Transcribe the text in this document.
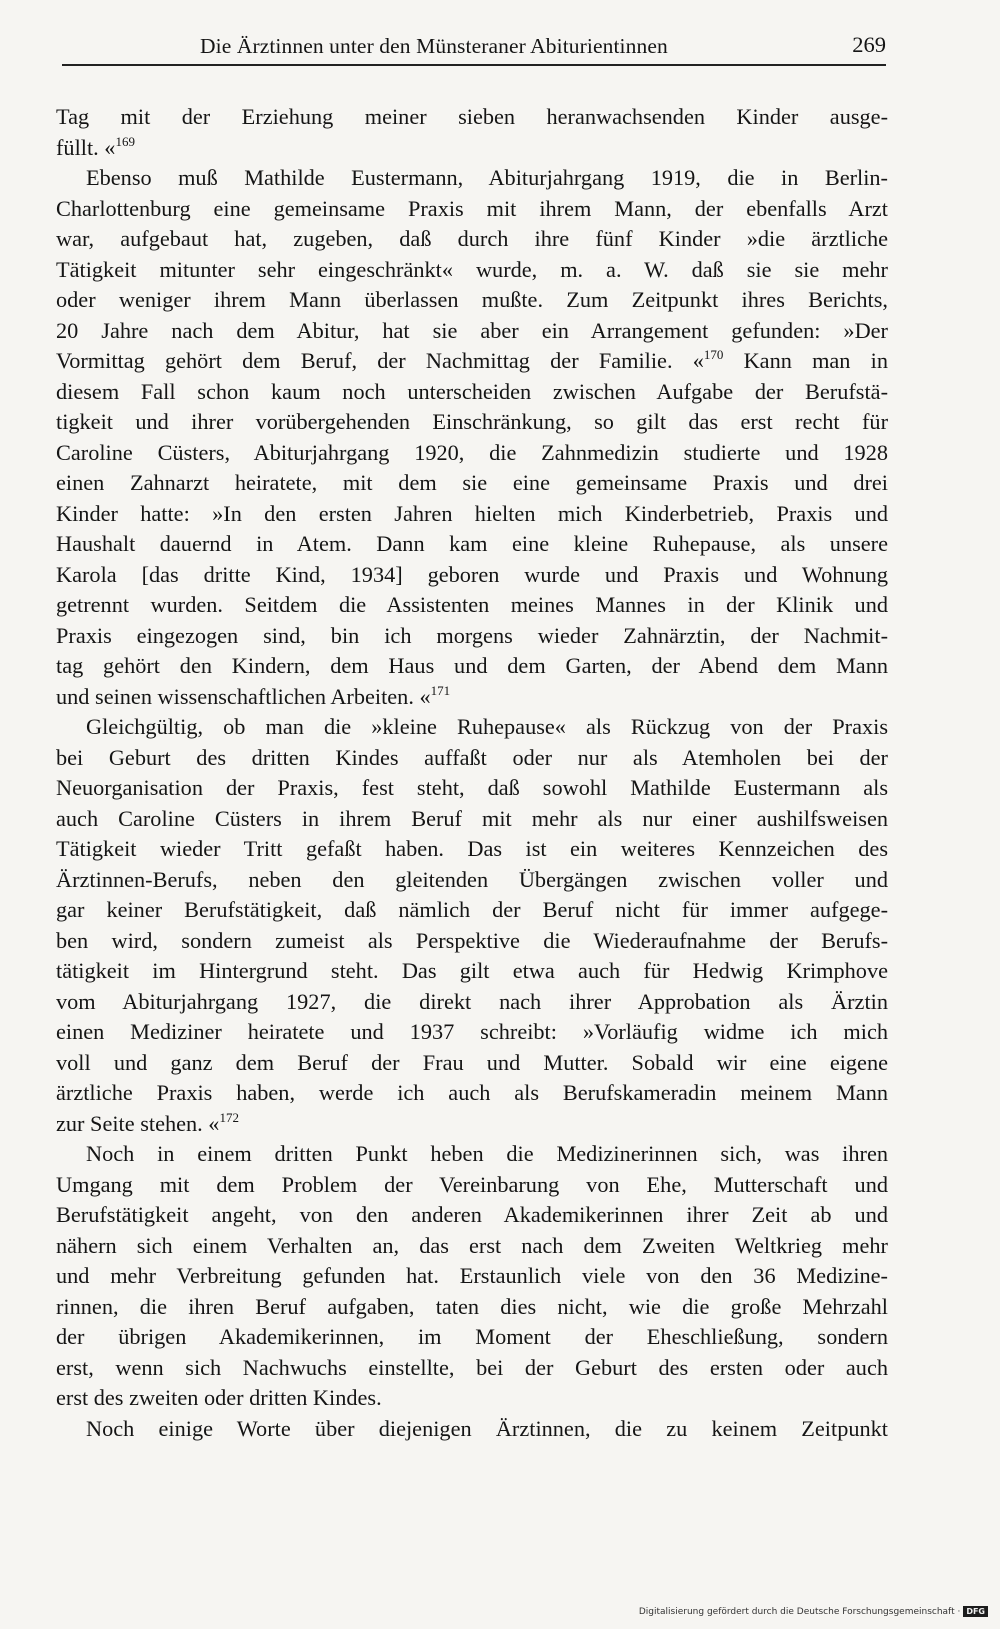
Die Ärztinnen unter den Münsteraner Abiturientinnen	269
Tag mit der Erziehung meiner sieben heranwachsenden Kinder ausge-
füllt. «$^{169}$
Ebenso muß Mathilde Eustermann, Abiturjahrgang 1919, die in Berlin-
Charlottenburg eine gemeinsame Praxis mit ihrem Mann, der ebenfalls Arzt
war, aufgebaut hat, zugeben, daß durch ihre fünf Kinder »die ärztliche
Tätigkeit mitunter sehr eingeschränkt« wurde, m. a. W. daß sie sie mehr
oder weniger ihrem Mann überlassen mußte. Zum Zeitpunkt ihres Berichts,
20 Jahre nach dem Abitur, hat sie aber ein Arrangement gefunden: »Der
Vormittag gehört dem Beruf, der Nachmittag der Familie. «$^{170}$ Kann man in
diesem Fall schon kaum noch unterscheiden zwischen Aufgabe der Berufstä-
tigkeit und ihrer vorübergehenden Einschränkung, so gilt das erst recht für
Caroline Cüsters, Abiturjahrgang 1920, die Zahnmedizin studierte und 1928
einen Zahnarzt heiratete, mit dem sie eine gemeinsame Praxis und drei
Kinder hatte: »In den ersten Jahren hielten mich Kinderbetrieb, Praxis und
Haushalt dauernd in Atem. Dann kam eine kleine Ruhepause, als unsere
Karola [das dritte Kind, 1934] geboren wurde und Praxis und Wohnung
getrennt wurden. Seitdem die Assistenten meines Mannes in der Klinik und
Praxis eingezogen sind, bin ich morgens wieder Zahnärztin, der Nachmit-
tag gehört den Kindern, dem Haus und dem Garten, der Abend dem Mann
und seinen wissenschaftlichen Arbeiten. «$^{171}$
Gleichgültig, ob man die »kleine Ruhepause« als Rückzug von der Praxis
bei Geburt des dritten Kindes auffaßt oder nur als Atemholen bei der
Neuorganisation der Praxis, fest steht, daß sowohl Mathilde Eustermann als
auch Caroline Cüsters in ihrem Beruf mit mehr als nur einer aushilfsweisen
Tätigkeit wieder Tritt gefaßt haben. Das ist ein weiteres Kennzeichen des
Ärztinnen-Berufs, neben den gleitenden Übergängen zwischen voller und
gar keiner Berufstätigkeit, daß nämlich der Beruf nicht für immer aufgege-
ben wird, sondern zumeist als Perspektive die Wiederaufnahme der Berufs-
tätigkeit im Hintergrund steht. Das gilt etwa auch für Hedwig Krimphove
vom Abiturjahrgang 1927, die direkt nach ihrer Approbation als Ärztin
einen Mediziner heiratete und 1937 schreibt: »Vorläufig widme ich mich
voll und ganz dem Beruf der Frau und Mutter. Sobald wir eine eigene
ärztliche Praxis haben, werde ich auch als Berufskameradin meinem Mann
zur Seite stehen. «$^{172}$
Noch in einem dritten Punkt heben die Medizinerinnen sich, was ihren
Umgang mit dem Problem der Vereinbarung von Ehe, Mutterschaft und
Berufstätigkeit angeht, von den anderen Akademikerinnen ihrer Zeit ab und
nähern sich einem Verhalten an, das erst nach dem Zweiten Weltkrieg mehr
und mehr Verbreitung gefunden hat. Erstaunlich viele von den 36 Medizine-
rinnen, die ihren Beruf aufgaben, taten dies nicht, wie die große Mehrzahl
der übrigen Akademikerinnen, im Moment der Eheschließung, sondern
erst, wenn sich Nachwuchs einstellte, bei der Geburt des ersten oder auch
erst des zweiten oder dritten Kindes.
Noch einige Worte über diejenigen Ärztinnen, die zu keinem Zeitpunkt
Digitalisierung gefördert durch die Deutsche Forschungsgemeinschaft · DFG
